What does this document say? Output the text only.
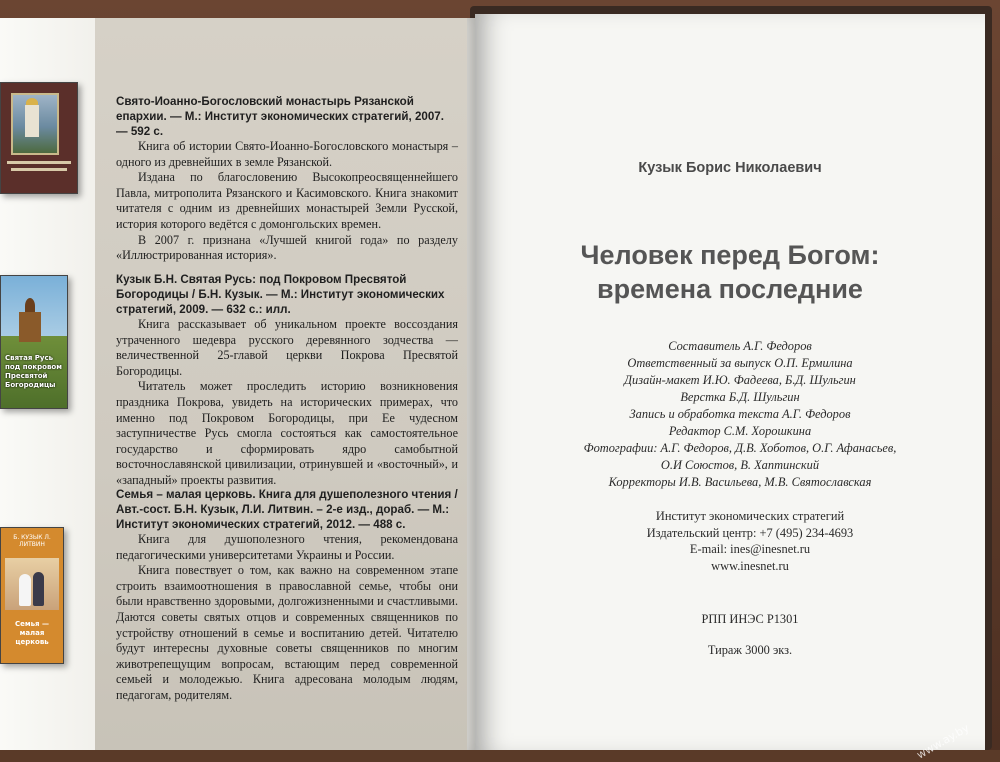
Святая Русь под покровом Пресвятой Богородицы
Б. КУЗЫК Л. ЛИТВИН
Семья — малая церковь
Свято-Иоанно-Богословский монастырь Рязанской епархии. — М.: Институт экономических стратегий, 2007. — 592 с.

Книга об истории Свято-Иоанно-Богословского монастыря – одного из древнейших в земле Рязанской.

Издана по благословению Высокопреосвященнейшего Павла, митрополита Рязанского и Касимовского. Книга знакомит читателя с одним из древнейших монастырей Земли Русской, история которого ведётся с домонгольских времен.

В 2007 г. признана «Лучшей книгой года» по разделу «Иллюстрированная история».

Кузык Б.Н. Святая Русь: под Покровом Пресвятой Богородицы / Б.Н. Кузык. — М.: Институт экономических стратегий, 2009. — 632 с.: илл.

Книга рассказывает об уникальном проекте воссоздания утраченного шедевра русского деревянного зодчества — величественной 25-главой церкви Покрова Пресвятой Богородицы.

Читатель может проследить историю возникновения праздника Покрова, увидеть на исторических примерах, что именно под Покровом Богородицы, при Ее чудесном заступничестве Русь смогла состояться как самостоятельное государство и сформировать ядро самобытной восточнославянской цивилизации, отринувшей и «восточный», и «западный» проекты развития.

Семья – малая церковь. Книга для душеполезного чтения / Авт.-сост. Б.Н. Кузык, Л.И. Литвин. – 2-е изд., дораб. — М.: Институт экономических стратегий, 2012. — 488 с.

Книга для душополезного чтения, рекомендована педагогическими университетами Украины и России.

Книга повествует о том, как важно на современном этапе строить взаимоотношения в православной семье, чтобы они были нравственно здоровыми, долгожизненными и счастливыми. Даются советы святых отцов и современных священников по устройству отношений в семье и воспитанию детей. Читателю будут интересны духовные советы священников по многим животрепещущим вопросам, встающим перед современной семьей и молодежью. Книга адресована молодым людям, педагогам, родителям.

Кузык Борис Николаевич
Человек перед Богом:
времена последние
Составитель А.Г. Федоров
Ответственный за выпуск О.П. Ермилина
Дизайн-макет И.Ю. Фадеева, Б.Д. Шульгин
Верстка Б.Д. Шульгин
Запись и обработка текста А.Г. Федоров
Редактор С.М. Хорошкина
Фотографии: А.Г. Федоров, Д.В. Хоботов, О.Г. Афанасьев,
О.И Союстов, В. Хаптинский
Корректоры И.В. Васильева, М.В. Святославская
Институт экономических стратегий
Издательский центр: +7 (495) 234-4693
E-mail: ines@inesnet.ru
www.inesnet.ru
РПП ИНЭС Р1301
Тираж 3000 экз.
www.ay.by
